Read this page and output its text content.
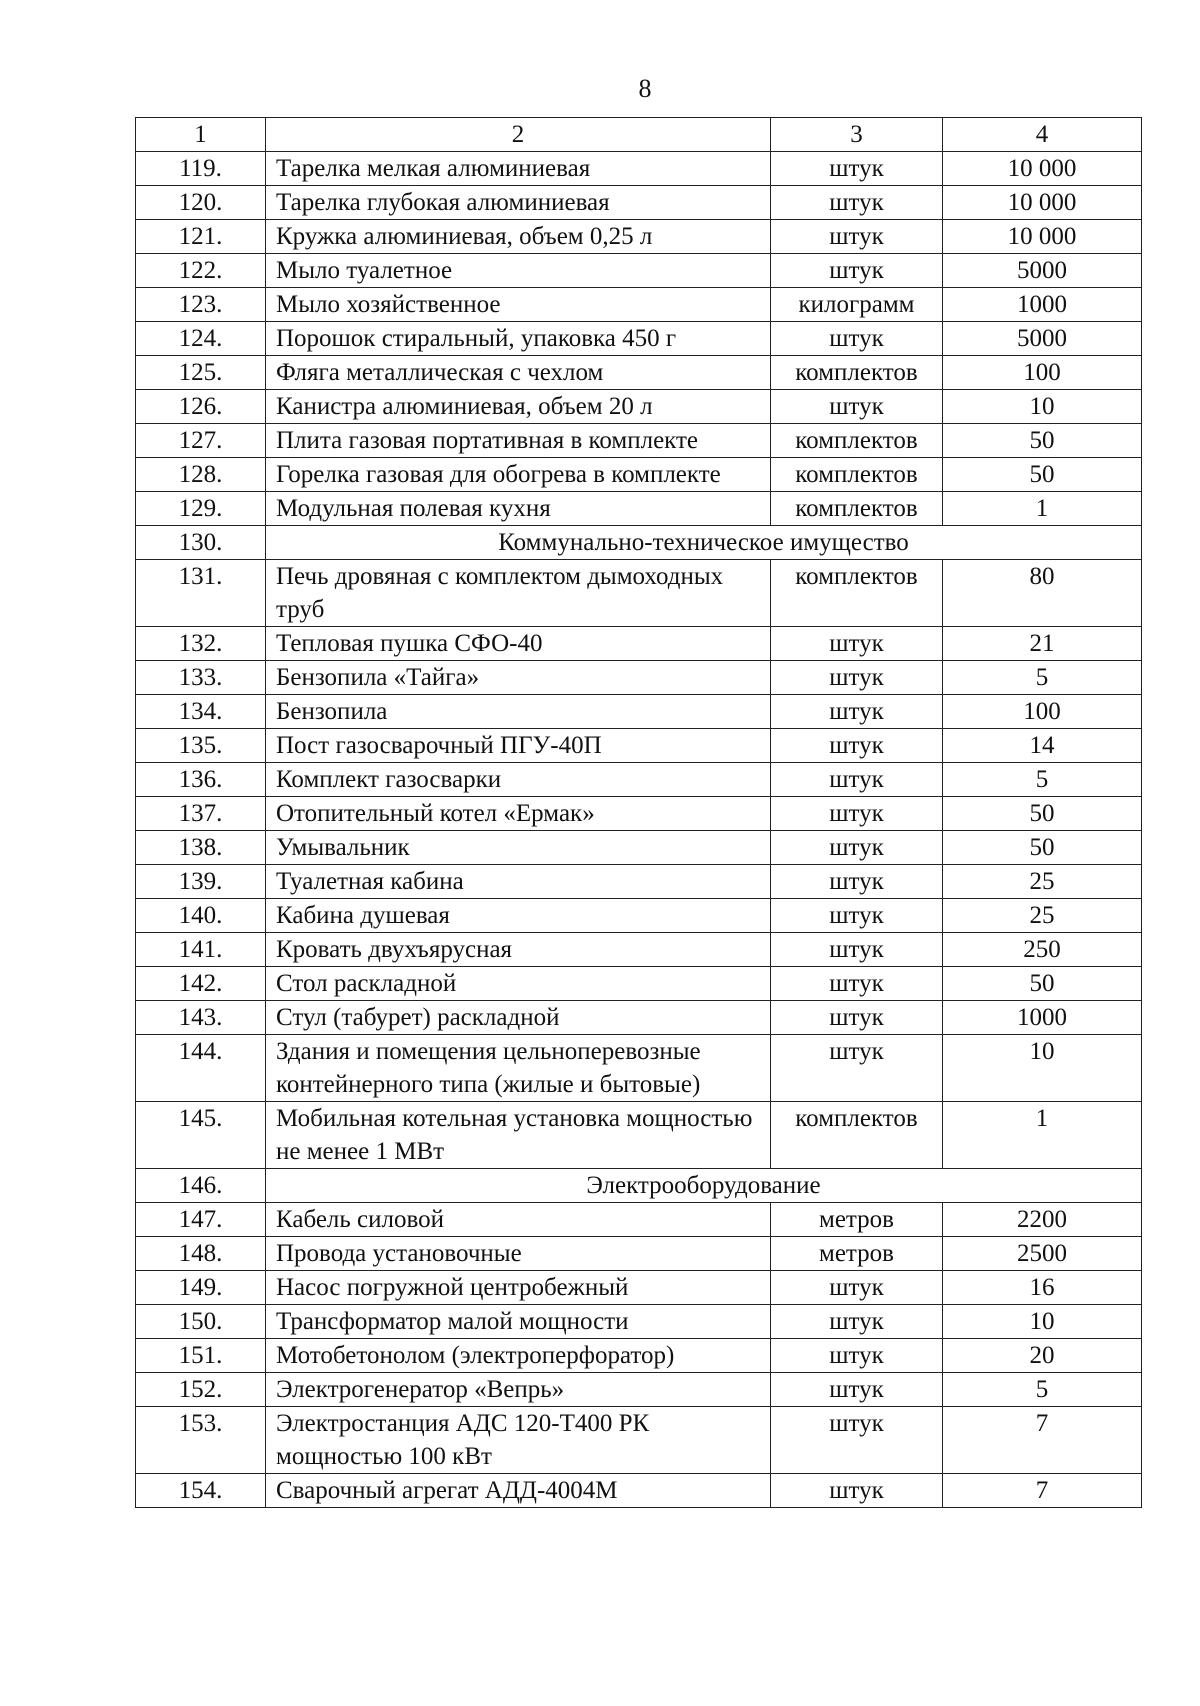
8
1	2	3	4
119.	Тарелка мелкая алюминиевая	штук	10 000
120.	Тарелка глубокая алюминиевая	штук	10 000
121.	Кружка алюминиевая, объем 0,25 л	штук	10 000
122.	Мыло туалетное	штук	5000
123.	Мыло хозяйственное	килограмм	1000
124.	Порошок стиральный, упаковка 450 г	штук	5000
125.	Фляга металлическая с чехлом	комплектов	100
126.	Канистра алюминиевая, объем 20 л	штук	10
127.	Плита газовая портативная в комплекте	комплектов	50
128.	Горелка газовая для обогрева в комплекте	комплектов	50
129.	Модульная полевая кухня	комплектов	1
130.	Коммунально-техническое имущество		
131.	Печь дровяная с комплектом дымоходных труб	комплектов	80
132.	Тепловая пушка СФО-40	штук	21
133.	Бензопила «Тайга»	штук	5
134.	Бензопила	штук	100
135.	Пост газосварочный ПГУ-40П	штук	14
136.	Комплект газосварки	штук	5
137.	Отопительный котел «Ермак»	штук	50
138.	Умывальник	штук	50
139.	Туалетная кабина	штук	25
140.	Кабина душевая	штук	25
141.	Кровать двухъярусная	штук	250
142.	Стол раскладной	штук	50
143.	Стул (табурет) раскладной	штук	1000
144.	Здания и помещения цельноперевозные контейнерного типа (жилые и бытовые)	штук	10
145.	Мобильная котельная установка мощностью не менее 1 МВт	комплектов	1
146.	Электрооборудование		
147.	Кабель силовой	метров	2200
148.	Провода установочные	метров	2500
149.	Насос погружной центробежный	штук	16
150.	Трансформатор малой мощности	штук	10
151.	Мотобетонолом (электроперфоратор)	штук	20
152.	Электрогенератор «Вепрь»	штук	5
153.	Электростанция АДС 120-Т400 РК мощностью 100 кВт	штук	7
154.	Сварочный агрегат АДД-4004М	штук	7
